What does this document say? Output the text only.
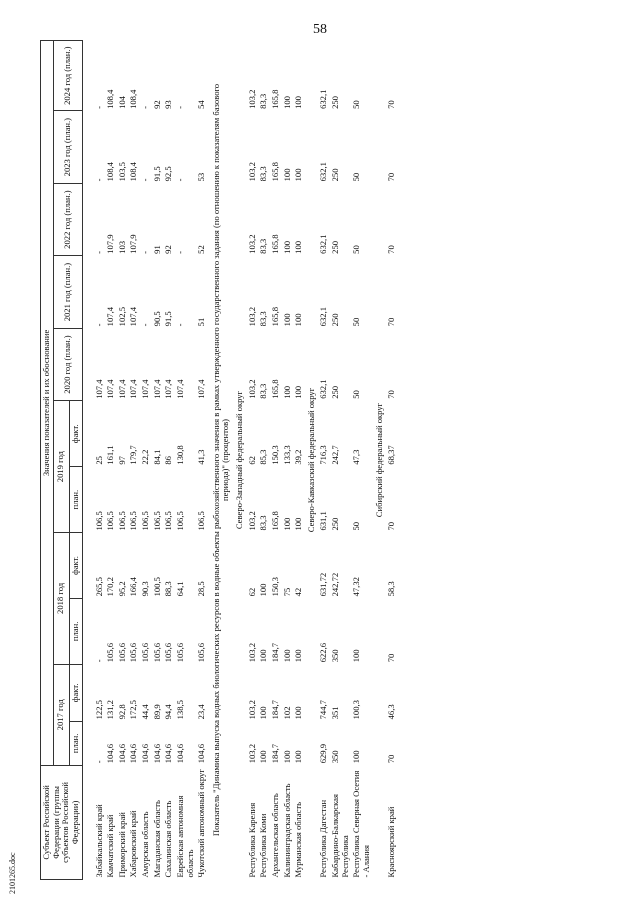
58
Субъект Российской Федерации (группы субъектов Российской Федерации)	Значения показателей и их обоснование										
	2017 год		2018 год		2019 год		2020 год (план.)	2021 год (план.)	2022 год (план.)	2023 год (план.)	2024 год (план.)
	план.	факт.	план.	факт.	план.	факт.					

Забайкальский край	-	122,5	-	265,5	106,5	25	107,4	-	-	-	-
Камчатский край	104,6	131,2	105,6	170,2	106,5	161,1	107,4	107,4	107,9	108,4	108,4
Приморский край	104,6	92,8	105,6	95,2	106,5	97	107,4	102,5	103	103,5	104
Хабаровский край	104,6	172,5	105,6	166,4	106,5	179,7	107,4	107,4	107,9	108,4	108,4
Амурская область	104,6	44,4	105,6	90,3	106,5	22,2	107,4	-	-	-	-
Магаданская область	104,6	89,9	105,6	100,5	106,5	84,1	107,4	90,5	91	91,5	92
Сахалинская область	104,6	94,4	105,6	88,3	106,5	86	107,4	91,5	92	92,5	93
Еврейская автономная область	104,6	138,5	105,6	64,1	106,5	130,8	107,4	-	-	-	-
Чукотский автономный округ	104,6	23,4	105,6	28,5	106,5	41,3	107,4	51	52	53	54
Показатель "Динамика выпуска водных биологических ресурсов в водные объекты рыбохозяйственного значения в рамках утвержденного государственного задания (по отношению к показателям базового периода)" (процентов)											
Северо-Западный федеральный округ											
Республика Карелия	103,2	103,2	103,2	62	103,2	62	103,2	103,2	103,2	103,2	103,2
Республика Коми	100	100	100	100	83,3	85,3	83,3	83,3	83,3	83,3	83,3
Архангельская область	184,7	184,7	184,7	150,3	165,8	150,3	165,8	165,8	165,8	165,8	165,8
Калининградская область	100	102	100	75	100	133,3	100	100	100	100	100
Мурманская область	100	100	100	42	100	39,2	100	100	100	100	100
Северо-Кавказский федеральный округ											
Республика Дагестан	629,9	744,7	622,6	631,72	631,1	716,3	632,1	632,1	632,1	632,1	632,1
Кабардино-Балкарская Республика	350	351	350	242,72	250	242,7	250	250	250	250	250
Республика Северная Осетия - Алания	100	100,3	100	47,32	50	47,3	50	50	50	50	50
Сибирский федеральный округ											
Красноярский край	70	46,3	70	58,3	70	68,37	70	70	70	70	70
2101265.doc
